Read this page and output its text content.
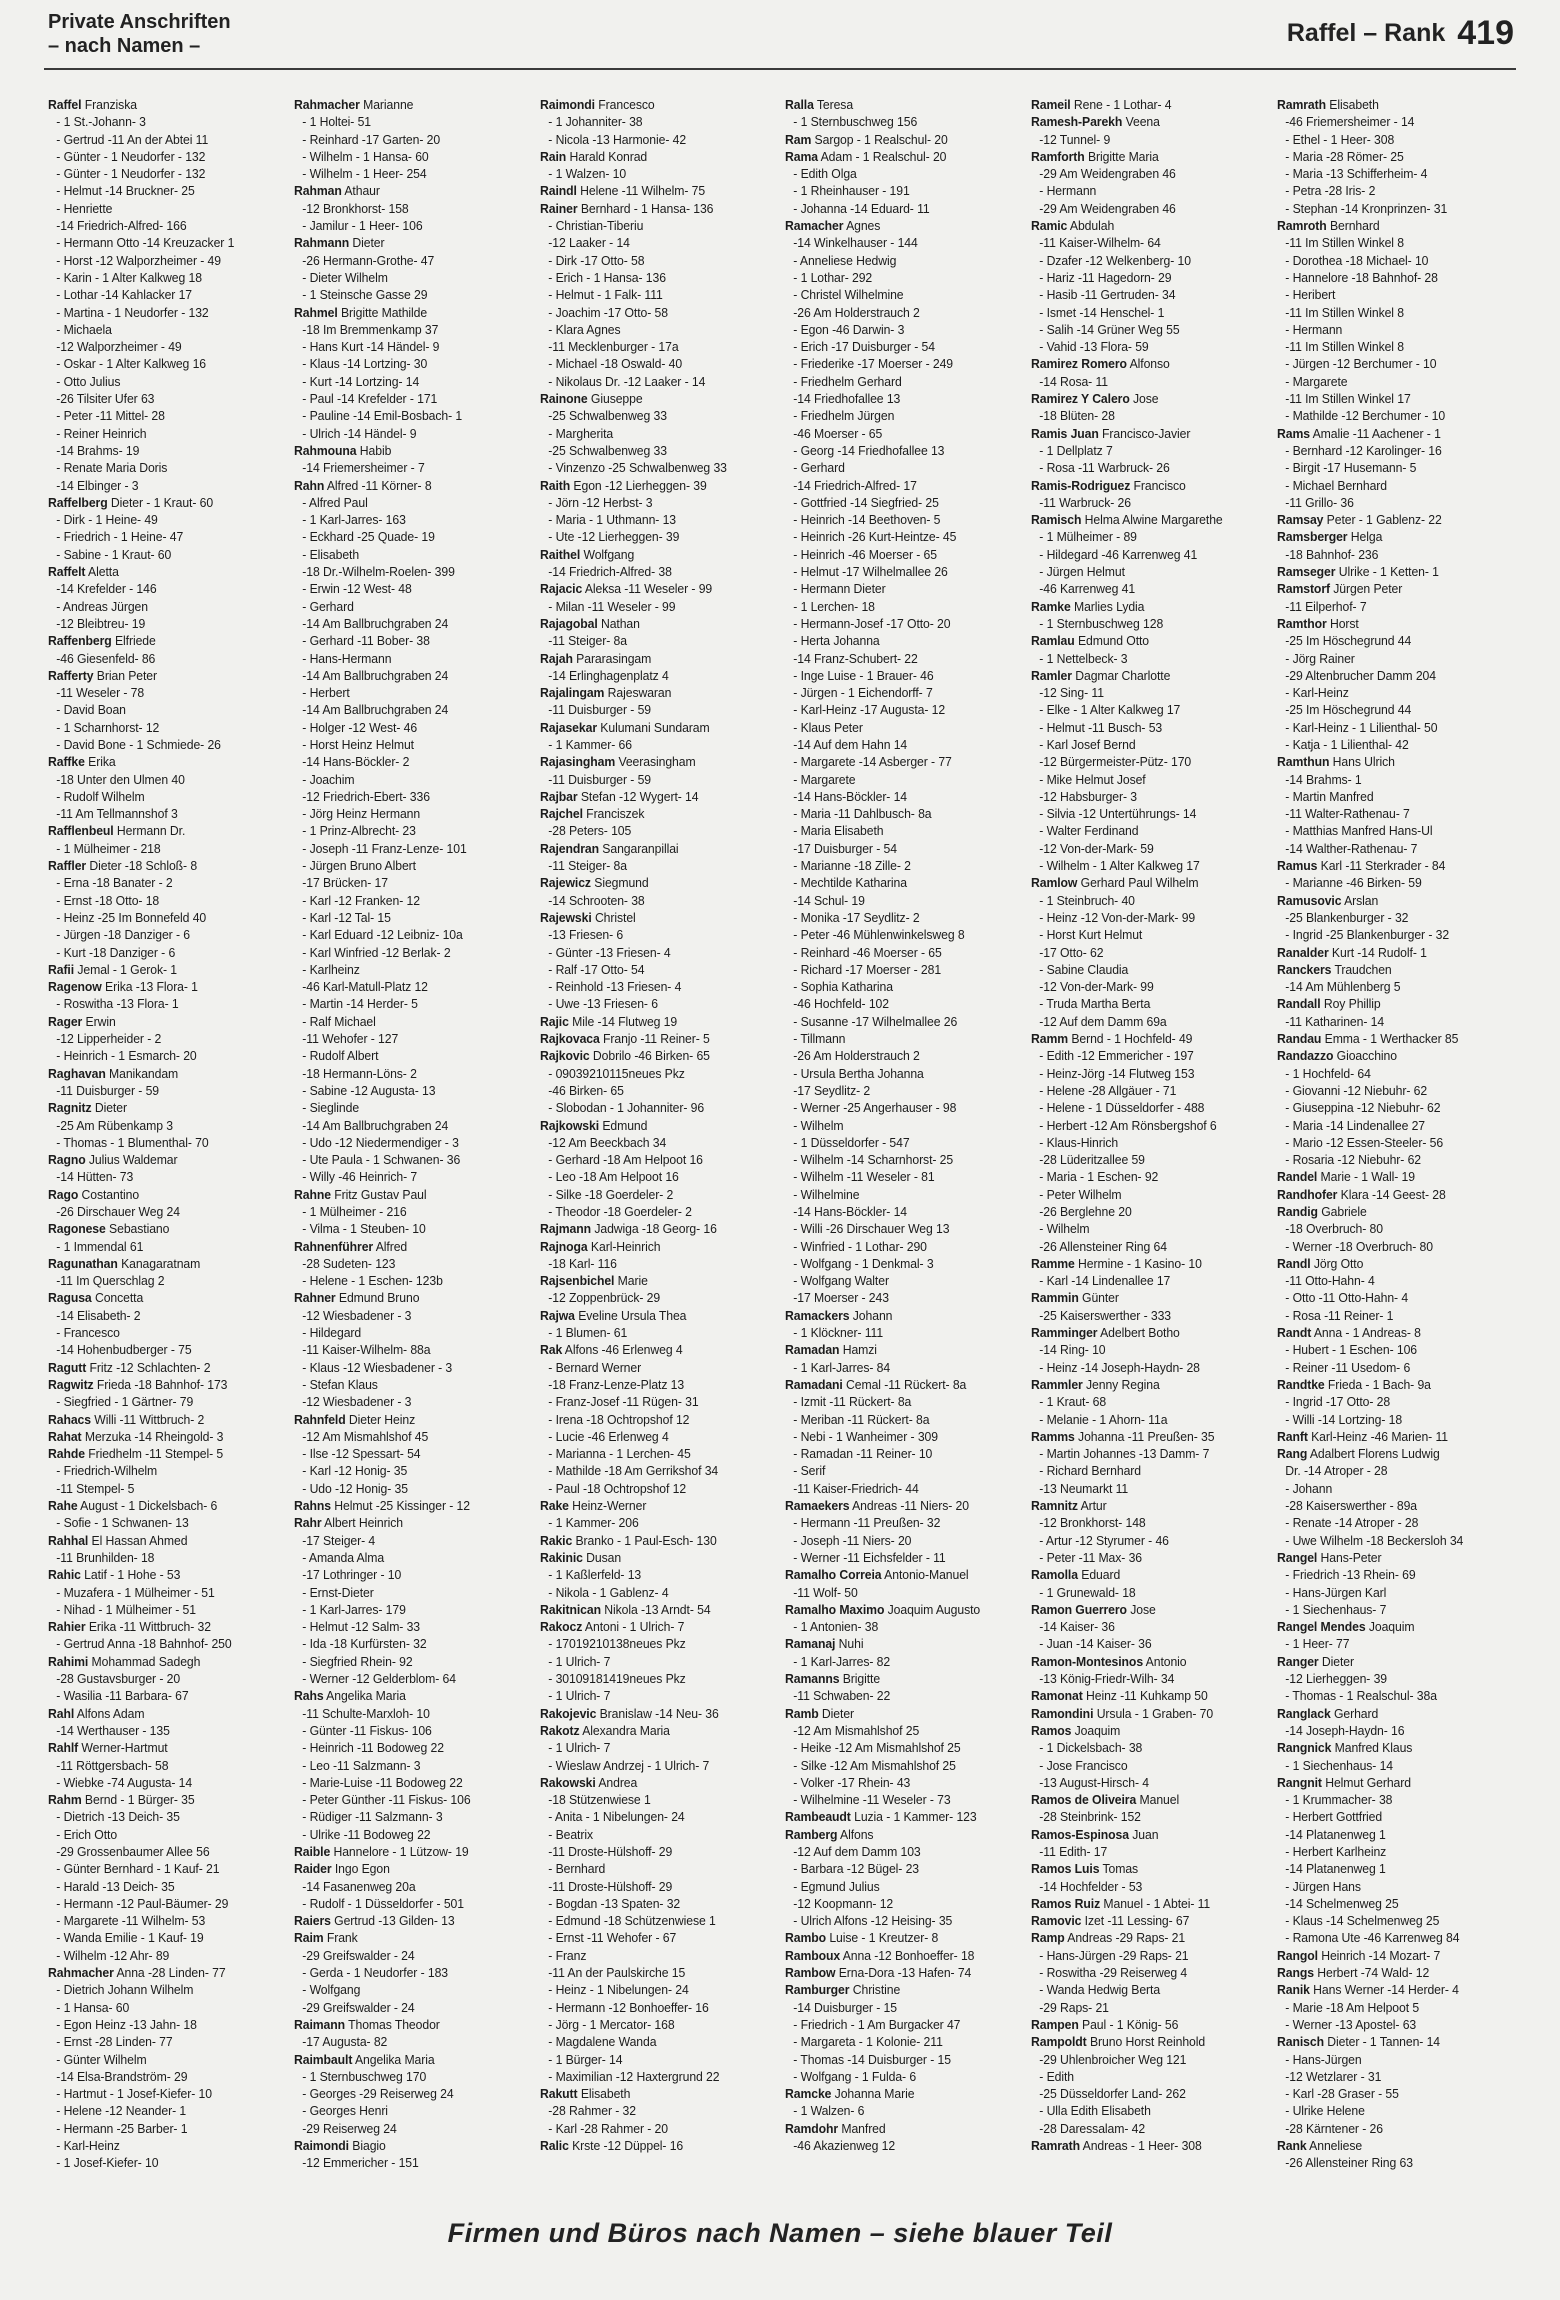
Private Anschriften
– nach Namen –	Raffel – Rank 419
Raffel Franziska
- 1 St.-Johann- 3
- Gertrud -11 An der Abtei 11
- Günter - 1 Neudorfer - 132
- Günter - 1 Neudorfer - 132
- Helmut -14 Bruckner- 25
- Henriette
-14 Friedrich-Alfred- 166
- Hermann Otto -14 Kreuzacker 1
- Horst -12 Walporzheimer - 49
- Karin - 1 Alter Kalkweg 18
- Lothar -14 Kahlacker 17
- Martina - 1 Neudorfer - 132
- Michaela
-12 Walporzheimer - 49
- Oskar - 1 Alter Kalkweg 16
- Otto Julius
-26 Tilsiter Ufer 63
- Peter -11 Mittel- 28
- Reiner Heinrich
-14 Brahms- 19
- Renate Maria Doris
-14 Elbinger - 3
Raffelberg Dieter - 1 Kraut- 60
- Dirk - 1 Heine- 49
- Friedrich - 1 Heine- 47
- Sabine - 1 Kraut- 60
Raffelt Aletta
-14 Krefelder - 146
- Andreas Jürgen
-12 Bleibtreu- 19
Raffenberg Elfriede
-46 Giesenfeld- 86
Rafferty Brian Peter
-11 Weseler - 78
- David Boan
- 1 Scharnhorst- 12
- David Bone - 1 Schmiede- 26
Raffke Erika
-18 Unter den Ulmen 40
- Rudolf Wilhelm
-11 Am Tellmannshof 3
Rafflenbeul Hermann Dr.
- 1 Mülheimer - 218
Raffler Dieter -18 Schloß- 8
- Erna -18 Banater - 2
- Ernst -18 Otto- 18
- Heinz -25 Im Bonnefeld 40
- Jürgen -18 Danziger - 6
- Kurt -18 Danziger - 6
Rafii Jemal - 1 Gerok- 1
Ragenow Erika -13 Flora- 1
- Roswitha -13 Flora- 1
Rager Erwin
-12 Lipperheider - 2
- Heinrich - 1 Esmarch- 20
Raghavan Manikandam
-11 Duisburger - 59
Ragnitz Dieter
-25 Am Rübenkamp 3
- Thomas - 1 Blumenthal- 70
Ragno Julius Waldemar
-14 Hütten- 73
Rago Costantino
-26 Dirschauer Weg 24
Ragonese Sebastiano
- 1 Immendal 61
Ragunathan Kanagaratnam
-11 Im Querschlag 2
Ragusa Concetta
-14 Elisabeth- 2
- Francesco
-14 Hohenbudberger - 75
Ragutt Fritz -12 Schlachten- 2
Ragwitz Frieda -18 Bahnhof- 173
- Siegfried - 1 Gärtner- 79
Rahacs Willi -11 Wittbruch- 2
Rahat Merzuka -14 Rheingold- 3
Rahde Friedhelm -11 Stempel- 5
- Friedrich-Wilhelm
-11 Stempel- 5
Rahe August - 1 Dickelsbach- 6
- Sofie - 1 Schwanen- 13
Rahhal El Hassan Ahmed
-11 Brunhilden- 18
Rahic Latif - 1 Hohe - 53
- Muzafera - 1 Mülheimer - 51
- Nihad - 1 Mülheimer - 51
Rahier Erika -11 Wittbruch- 32
- Gertrud Anna -18 Bahnhof- 250
Rahimi Mohammad Sadegh
-28 Gustavsburger - 20
- Wasilia -11 Barbara- 67
Rahl Alfons Adam
-14 Werthauser - 135
Rahlf Werner-Hartmut
-11 Röttgersbach- 58
- Wiebke -74 Augusta- 14
Rahm Bernd - 1 Bürger- 35
- Dietrich -13 Deich- 35
- Erich Otto
-29 Grossenbaumer Allee 56
- Günter Bernhard - 1 Kauf- 21
- Harald -13 Deich- 35
- Hermann -12 Paul-Bäumer- 29
- Margarete -11 Wilhelm- 53
- Wanda Emilie - 1 Kauf- 19
- Wilhelm -12 Ahr- 89
Rahmacher Anna -28 Linden- 77
- Dietrich Johann Wilhelm
- 1 Hansa- 60
- Egon Heinz -13 Jahn- 18
- Ernst -28 Linden- 77
- Günter Wilhelm
-14 Elsa-Brandström- 29
- Hartmut - 1 Josef-Kiefer- 10
- Helene -12 Neander- 1
- Hermann -25 Barber- 1
- Karl-Heinz
- 1 Josef-Kiefer- 10
Rahmacher Marianne
- 1 Holtei- 51
- Reinhard -17 Garten- 20
- Wilhelm - 1 Hansa- 60
- Wilhelm - 1 Heer- 254
Rahman Athaur
-12 Bronkhorst- 158
- Jamilur - 1 Heer- 106
Rahmann Dieter
-26 Hermann-Grothe- 47
- Dieter Wilhelm
- 1 Steinsche Gasse 29
Rahmel Brigitte Mathilde
-18 Im Bremmenkamp 37
- Hans Kurt -14 Händel- 9
- Klaus -14 Lortzing- 30
- Kurt -14 Lortzing- 14
- Paul -14 Krefelder - 171
- Pauline -14 Emil-Bosbach- 1
- Ulrich -14 Händel- 9
Rahmouna Habib
-14 Friemersheimer - 7
Rahn Alfred -11 Körner- 8
- Alfred Paul
- 1 Karl-Jarres- 163
- Eckhard -25 Quade- 19
- Elisabeth
-18 Dr.-Wilhelm-Roelen- 399
- Erwin -12 West- 48
- Gerhard
-14 Am Ballbruchgraben 24
- Gerhard -11 Bober- 38
- Hans-Hermann
-14 Am Ballbruchgraben 24
- Herbert
-14 Am Ballbruchgraben 24
- Holger -12 West- 46
- Horst Heinz Helmut
-14 Hans-Böckler- 2
- Joachim
-12 Friedrich-Ebert- 336
- Jörg Heinz Hermann
- 1 Prinz-Albrecht- 23
- Joseph -11 Franz-Lenze- 101
- Jürgen Bruno Albert
-17 Brücken- 17
- Karl -12 Franken- 12
- Karl -12 Tal- 15
- Karl Eduard -12 Leibniz- 10a
- Karl Winfried -12 Berlak- 2
- Karlheinz
-46 Karl-Matull-Platz 12
- Martin -14 Herder- 5
- Ralf Michael
-11 Wehofer - 127
- Rudolf Albert
-18 Hermann-Löns- 2
- Sabine -12 Augusta- 13
- Sieglinde
-14 Am Ballbruchgraben 24
- Udo -12 Niedermendiger - 3
- Ute Paula - 1 Schwanen- 36
- Willy -46 Heinrich- 7
Rahne Fritz Gustav Paul
- 1 Mülheimer - 216
- Vilma - 1 Steuben- 10
Rahnenführer Alfred
-28 Sudeten- 123
- Helene - 1 Eschen- 123b
Rahner Edmund Bruno
-12 Wiesbadener - 3
- Hildegard
-11 Kaiser-Wilhelm- 88a
- Klaus -12 Wiesbadener - 3
- Stefan Klaus
-12 Wiesbadener - 3
Rahnfeld Dieter Heinz
-12 Am Mismahlshof 45
- Ilse -12 Spessart- 54
- Karl -12 Honig- 35
- Udo -12 Honig- 35
Rahns Helmut -25 Kissinger - 12
Rahr Albert Heinrich
-17 Steiger- 4
- Amanda Alma
-17 Lothringer - 10
- Ernst-Dieter
- 1 Karl-Jarres- 179
- Helmut -12 Salm- 33
- Ida -18 Kurfürsten- 32
- Siegfried Rhein- 92
- Werner -12 Gelderblom- 64
Rahs Angelika Maria
-11 Schulte-Marxloh- 10
- Günter -11 Fiskus- 106
- Heinrich -11 Bodoweg 22
- Leo -11 Salzmann- 3
- Marie-Luise -11 Bodoweg 22
- Peter Günther -11 Fiskus- 106
- Rüdiger -11 Salzmann- 3
- Ulrike -11 Bodoweg 22
Raible Hannelore - 1 Lützow- 19
Raider Ingo Egon
-14 Fasanenweg 20a
- Rudolf - 1 Düsseldorfer - 501
Raiers Gertrud -13 Gilden- 13
Raim Frank
-29 Greifswalder - 24
- Gerda - 1 Neudorfer - 183
- Wolfgang
-29 Greifswalder - 24
Raimann Thomas Theodor
-17 Augusta- 82
Raimbault Angelika Maria
- 1 Sternbuschweg 170
- Georges -29 Reiserweg 24
- Georges Henri
-29 Reiserweg 24
Raimondi Biagio
-12 Emmericher - 151
Raimondi Francesco
- 1 Johanniter- 38
- Nicola -13 Harmonie- 42
Rain Harald Konrad
- 1 Walzen- 10
Raindl Helene -11 Wilhelm- 75
Rainer Bernhard - 1 Hansa- 136
- Christian-Tiberiu
-12 Laaker - 14
- Dirk -17 Otto- 58
- Erich - 1 Hansa- 136
- Helmut - 1 Falk- 111
- Joachim -17 Otto- 58
- Klara Agnes
-11 Mecklenburger - 17a
- Michael -18 Oswald- 40
- Nikolaus Dr. -12 Laaker - 14
Rainone Giuseppe
-25 Schwalbenweg 33
- Margherita
-25 Schwalbenweg 33
- Vinzenzo -25 Schwalbenweg 33
Raith Egon -12 Lierheggen- 39
- Jörn -12 Herbst- 3
- Maria - 1 Uthmann- 13
- Ute -12 Lierheggen- 39
Raithel Wolfgang
-14 Friedrich-Alfred- 38
Rajacic Aleksa -11 Weseler - 99
- Milan -11 Weseler - 99
Rajagobal Nathan
-11 Steiger- 8a
Rajah Pararasingam
-14 Erlinghagenplatz 4
Rajalingam Rajeswaran
-11 Duisburger - 59
Rajasekar Kulumani Sundaram
- 1 Kammer- 66
Rajasingham Veerasingham
-11 Duisburger - 59
Rajbar Stefan -12 Wygert- 14
Rajchel Franciszek
-28 Peters- 105
Rajendran Sangaranpillai
-11 Steiger- 8a
Rajewicz Siegmund
-14 Schrooten- 38
Rajewski Christel
-13 Friesen- 6
- Günter -13 Friesen- 4
- Ralf -17 Otto- 54
- Reinhold -13 Friesen- 4
- Uwe -13 Friesen- 6
Rajic Mile -14 Flutweg 19
Rajkovaca Franjo -11 Reiner- 5
Rajkovic Dobrilo -46 Birken- 65
- 09039210115neues Pkz
-46 Birken- 65
- Slobodan - 1 Johanniter- 96
Rajkowski Edmund
-12 Am Beeckbach 34
- Gerhard -18 Am Helpoot 16
- Leo -18 Am Helpoot 16
- Silke -18 Goerdeler- 2
- Theodor -18 Goerdeler- 2
Rajmann Jadwiga -18 Georg- 16
Rajnoga Karl-Heinrich
-18 Karl- 116
Rajsenbichel Marie
-12 Zoppenbrück- 29
Rajwa Eveline Ursula Thea
- 1 Blumen- 61
Rak Alfons -46 Erlenweg 4
- Bernard Werner
-18 Franz-Lenze-Platz 13
- Franz-Josef -11 Rügen- 31
- Irena -18 Ochtropshof 12
- Lucie -46 Erlenweg 4
- Marianna - 1 Lerchen- 45
- Mathilde -18 Am Gerrikshof 34
- Paul -18 Ochtropshof 12
Rake Heinz-Werner
- 1 Kammer- 206
Rakic Branko - 1 Paul-Esch- 130
Rakinic Dusan
- 1 Kaßlerfeld- 13
- Nikola - 1 Gablenz- 4
Rakitnican Nikola -13 Arndt- 54
Rakocz Antoni - 1 Ulrich- 7
- 17019210138neues Pkz
- 1 Ulrich- 7
- 30109181419neues Pkz
- 1 Ulrich- 7
Rakojevic Branislaw -14 Neu- 36
Rakotz Alexandra Maria
- 1 Ulrich- 7
- Wieslaw Andrzej - 1 Ulrich- 7
Rakowski Andrea
-18 Stützenwiese 1
- Anita - 1 Nibelungen- 24
- Beatrix
-11 Droste-Hülshoff- 29
- Bernhard
-11 Droste-Hülshoff- 29
- Bogdan -13 Spaten- 32
- Edmund -18 Schützenwiese 1
- Ernst -11 Wehofer - 67
- Franz
-11 An der Paulskirche 15
- Heinz - 1 Nibelungen- 24
- Hermann -12 Bonhoeffer- 16
- Jörg - 1 Mercator- 168
- Magdalene Wanda
- 1 Bürger- 14
- Maximilian -12 Haxtergrund 22
Rakutt Elisabeth
-28 Rahmer - 32
- Karl -28 Rahmer - 20
Ralic Krste -12 Düppel- 16
Ralla Teresa
- 1 Sternbuschweg 156
Ram Sargop - 1 Realschul- 20
Rama Adam - 1 Realschul- 20
- Edith Olga
- 1 Rheinhauser - 191
- Johanna -14 Eduard- 11
Ramacher Agnes
-14 Winkelhauser - 144
- Anneliese Hedwig
- 1 Lothar- 292
- Christel Wilhelmine
-26 Am Holderstrauch 2
- Egon -46 Darwin- 3
- Erich -17 Duisburger - 54
- Friederike -17 Moerser - 249
- Friedhelm Gerhard
-14 Friedhofallee 13
- Friedhelm Jürgen
-46 Moerser - 65
- Georg -14 Friedhofallee 13
- Gerhard
-14 Friedrich-Alfred- 17
- Gottfried -14 Siegfried- 25
- Heinrich -14 Beethoven- 5
- Heinrich -26 Kurt-Heintze- 45
- Heinrich -46 Moerser - 65
- Helmut -17 Wilhelmallee 26
- Hermann Dieter
- 1 Lerchen- 18
- Hermann-Josef -17 Otto- 20
- Herta Johanna
-14 Franz-Schubert- 22
- Inge Luise - 1 Brauer- 46
- Jürgen - 1 Eichendorff- 7
- Karl-Heinz -17 Augusta- 12
- Klaus Peter
-14 Auf dem Hahn 14
- Margarete -14 Asberger - 77
- Margarete
-14 Hans-Böckler- 14
- Maria -11 Dahlbusch- 8a
- Maria Elisabeth
-17 Duisburger - 54
- Marianne -18 Zille- 2
- Mechtilde Katharina
-14 Schul- 19
- Monika -17 Seydlitz- 2
- Peter -46 Mühlenwinkelsweg 8
- Reinhard -46 Moerser - 65
- Richard -17 Moerser - 281
- Sophia Katharina
-46 Hochfeld- 102
- Susanne -17 Wilhelmallee 26
- Tillmann
-26 Am Holderstrauch 2
- Ursula Bertha Johanna
-17 Seydlitz- 2
- Werner -25 Angerhauser - 98
- Wilhelm
- 1 Düsseldorfer - 547
- Wilhelm -14 Scharnhorst- 25
- Wilhelm -11 Weseler - 81
- Wilhelmine
-14 Hans-Böckler- 14
- Willi -26 Dirschauer Weg 13
- Winfried - 1 Lothar- 290
- Wolfgang - 1 Denkmal- 3
- Wolfgang Walter
-17 Moerser - 243
Ramackers Johann
- 1 Klöckner- 111
Ramadan Hamzi
- 1 Karl-Jarres- 84
Ramadani Cemal -11 Rückert- 8a
- Izmit -11 Rückert- 8a
- Meriban -11 Rückert- 8a
- Nebi - 1 Wanheimer - 309
- Ramadan -11 Reiner- 10
- Serif
-11 Kaiser-Friedrich- 44
Ramaekers Andreas -11 Niers- 20
- Hermann -11 Preußen- 32
- Joseph -11 Niers- 20
- Werner -11 Eichsfelder - 11
Ramalho Correia Antonio-Manuel
-11 Wolf- 50
Ramalho Maximo Joaquim Augusto
- 1 Antonien- 38
Ramanaj Nuhi
- 1 Karl-Jarres- 82
Ramanns Brigitte
-11 Schwaben- 22
Ramb Dieter
-12 Am Mismahlshof 25
- Heike -12 Am Mismahlshof 25
- Silke -12 Am Mismahlshof 25
- Volker -17 Rhein- 43
- Wilhelmine -11 Weseler - 73
Rambeaudt Luzia - 1 Kammer- 123
Ramberg Alfons
-12 Auf dem Damm 103
- Barbara -12 Bügel- 23
- Egmund Julius
-12 Koopmann- 12
- Ulrich Alfons -12 Heising- 35
Rambo Luise - 1 Kreutzer- 8
Ramboux Anna -12 Bonhoeffer- 18
Rambow Erna-Dora -13 Hafen- 74
Ramburger Christine
-14 Duisburger - 15
- Friedrich - 1 Am Burgacker 47
- Margareta - 1 Kolonie- 211
- Thomas -14 Duisburger - 15
- Wolfgang - 1 Fulda- 6
Ramcke Johanna Marie
- 1 Walzen- 6
Ramdohr Manfred
-46 Akazienweg 12
Rameil Rene - 1 Lothar- 4
Ramesh-Parekh Veena
-12 Tunnel- 9
Ramforth Brigitte Maria
-29 Am Weidengraben 46
- Hermann
-29 Am Weidengraben 46
Ramic Abdulah
-11 Kaiser-Wilhelm- 64
- Dzafer -12 Welkenberg- 10
- Hariz -11 Hagedorn- 29
- Hasib -11 Gertruden- 34
- Ismet -14 Henschel- 1
- Salih -14 Grüner Weg 55
- Vahid -13 Flora- 59
Ramirez Romero Alfonso
-14 Rosa- 11
Ramirez Y Calero Jose
-18 Blüten- 28
Ramis Juan Francisco-Javier
- 1 Dellplatz 7
- Rosa -11 Warbruck- 26
Ramis-Rodriguez Francisco
-11 Warbruck- 26
Ramisch Helma Alwine Margarethe
- 1 Mülheimer - 89
- Hildegard -46 Karrenweg 41
- Jürgen Helmut
-46 Karrenweg 41
Ramke Marlies Lydia
- 1 Sternbuschweg 128
Ramlau Edmund Otto
- 1 Nettelbeck- 3
Ramler Dagmar Charlotte
-12 Sing- 11
- Elke - 1 Alter Kalkweg 17
- Helmut -11 Busch- 53
- Karl Josef Bernd
-12 Bürgermeister-Pütz- 170
- Mike Helmut Josef
-12 Habsburger- 3
- Silvia -12 Untertührungs- 14
- Walter Ferdinand
-12 Von-der-Mark- 59
- Wilhelm - 1 Alter Kalkweg 17
Ramlow Gerhard Paul Wilhelm
- 1 Steinbruch- 40
- Heinz -12 Von-der-Mark- 99
- Horst Kurt Helmut
-17 Otto- 62
- Sabine Claudia
-12 Von-der-Mark- 99
- Truda Martha Berta
-12 Auf dem Damm 69a
Ramm Bernd - 1 Hochfeld- 49
- Edith -12 Emmericher - 197
- Heinz-Jörg -14 Flutweg 153
- Helene -28 Allgäuer - 71
- Helene - 1 Düsseldorfer - 488
- Herbert -12 Am Rönsbergshof 6
- Klaus-Hinrich
-28 Lüderitzallee 59
- Maria - 1 Eschen- 92
- Peter Wilhelm
-26 Berglehne 20
- Wilhelm
-26 Allensteiner Ring 64
Ramme Hermine - 1 Kasino- 10
- Karl -14 Lindenallee 17
Rammin Günter
-25 Kaiserswerther - 333
Ramminger Adelbert Botho
-14 Ring- 10
- Heinz -14 Joseph-Haydn- 28
Rammler Jenny Regina
- 1 Kraut- 68
- Melanie - 1 Ahorn- 11a
Ramms Johanna -11 Preußen- 35
- Martin Johannes -13 Damm- 7
- Richard Bernhard
-13 Neumarkt 11
Ramnitz Artur
-12 Bronkhorst- 148
- Artur -12 Styrumer - 46
- Peter -11 Max- 36
Ramolla Eduard
- 1 Grunewald- 18
Ramon Guerrero Jose
-14 Kaiser- 36
- Juan -14 Kaiser- 36
Ramon-Montesinos Antonio
-13 König-Friedr-Wilh- 34
Ramonat Heinz -11 Kuhkamp 50
Ramondini Ursula - 1 Graben- 70
Ramos Joaquim
- 1 Dickelsbach- 38
- Jose Francisco
-13 August-Hirsch- 4
Ramos de Oliveira Manuel
-28 Steinbrink- 152
Ramos-Espinosa Juan
-11 Edith- 17
Ramos Luis Tomas
-14 Hochfelder - 53
Ramos Ruiz Manuel - 1 Abtei- 11
Ramovic Izet -11 Lessing- 67
Ramp Andreas -29 Raps- 21
- Hans-Jürgen -29 Raps- 21
- Roswitha -29 Reiserweg 4
- Wanda Hedwig Berta
-29 Raps- 21
Rampen Paul - 1 König- 56
Rampoldt Bruno Horst Reinhold
-29 Uhlenbroicher Weg 121
- Edith
-25 Düsseldorfer Land- 262
- Ulla Edith Elisabeth
-28 Daressalam- 42
Ramrath Andreas - 1 Heer- 308
Ramrath Elisabeth
-46 Friemersheimer - 14
- Ethel - 1 Heer- 308
- Maria -28 Römer- 25
- Maria -13 Schifferheim- 4
- Petra -28 Iris- 2
- Stephan -14 Kronprinzen- 31
Ramroth Bernhard
-11 Im Stillen Winkel 8
- Dorothea -18 Michael- 10
- Hannelore -18 Bahnhof- 28
- Heribert
-11 Im Stillen Winkel 8
- Hermann
-11 Im Stillen Winkel 8
- Jürgen -12 Berchumer - 10
- Margarete
-11 Im Stillen Winkel 17
- Mathilde -12 Berchumer - 10
Rams Amalie -11 Aachener - 1
- Bernhard -12 Karolinger- 16
- Birgit -17 Husemann- 5
- Michael Bernhard
-11 Grillo- 36
Ramsay Peter - 1 Gablenz- 22
Ramsberger Helga
-18 Bahnhof- 236
Ramseger Ulrike - 1 Ketten- 1
Ramstorf Jürgen Peter
-11 Eilperhof- 7
Ramthor Horst
-25 Im Höschegrund 44
- Jörg Rainer
-29 Altenbrucher Damm 204
- Karl-Heinz
-25 Im Höschegrund 44
- Karl-Heinz - 1 Lilienthal- 50
- Katja - 1 Lilienthal- 42
Ramthun Hans Ulrich
-14 Brahms- 1
- Martin Manfred
-11 Walter-Rathenau- 7
- Matthias Manfred Hans-Ul
-14 Walther-Rathenau- 7
Ramus Karl -11 Sterkrader - 84
- Marianne -46 Birken- 59
Ramusovic Arslan
-25 Blankenburger - 32
- Ingrid -25 Blankenburger - 32
Ranalder Kurt -14 Rudolf- 1
Ranckers Traudchen
-14 Am Mühlenberg 5
Randall Roy Phillip
-11 Katharinen- 14
Randau Emma - 1 Werthacker 85
Randazzo Gioacchino
- 1 Hochfeld- 64
- Giovanni -12 Niebuhr- 62
- Giuseppina -12 Niebuhr- 62
- Maria -14 Lindenallee 27
- Mario -12 Essen-Steeler- 56
- Rosaria -12 Niebuhr- 62
Randel Marie - 1 Wall- 19
Randhofer Klara -14 Geest- 28
Randig Gabriele
-18 Overbruch- 80
- Werner -18 Overbruch- 80
Randl Jörg Otto
-11 Otto-Hahn- 4
- Otto -11 Otto-Hahn- 4
- Rosa -11 Reiner- 1
Randt Anna - 1 Andreas- 8
- Hubert - 1 Eschen- 106
- Reiner -11 Usedom- 6
Randtke Frieda - 1 Bach- 9a
- Ingrid -17 Otto- 28
- Willi -14 Lortzing- 18
Ranft Karl-Heinz -46 Marien- 11
Rang Adalbert Florens Ludwig
Dr. -14 Atroper - 28
- Johann
-28 Kaiserswerther - 89a
- Renate -14 Atroper - 28
- Uwe Wilhelm -18 Beckersloh 34
Rangel Hans-Peter
- Friedrich -13 Rhein- 69
- Hans-Jürgen Karl
- 1 Siechenhaus- 7
Rangel Mendes Joaquim
- 1 Heer- 77
Ranger Dieter
-12 Lierheggen- 39
- Thomas - 1 Realschul- 38a
Ranglack Gerhard
-14 Joseph-Haydn- 16
Rangnick Manfred Klaus
- 1 Siechenhaus- 14
Rangnit Helmut Gerhard
- 1 Krummacher- 38
- Herbert Gottfried
-14 Platanenweg 1
- Herbert Karlheinz
-14 Platanenweg 1
- Jürgen Hans
-14 Schelmenweg 25
- Klaus -14 Schelmenweg 25
- Ramona Ute -46 Karrenweg 84
Rangol Heinrich -14 Mozart- 7
Rangs Herbert -74 Wald- 12
Ranik Hans Werner -14 Herder- 4
- Marie -18 Am Helpoot 5
- Werner -13 Apostel- 63
Ranisch Dieter - 1 Tannen- 14
- Hans-Jürgen
-12 Wetzlarer - 31
- Karl -28 Graser - 55
- Ulrike Helene
-28 Kärntener - 26
Rank Anneliese
-26 Allensteiner Ring 63
Firmen und Büros nach Namen – siehe blauer Teil
